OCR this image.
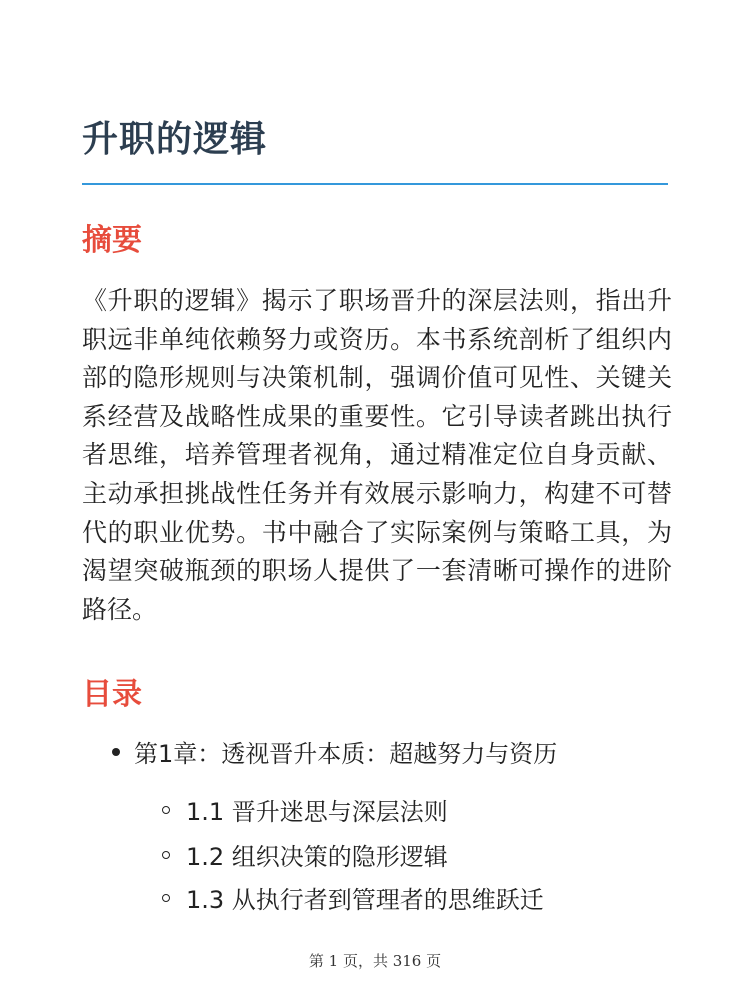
升职的逻辑
摘要

《升职的逻辑》揭示了职场晋升的深层法则，指出升职远非单纯依赖努力或资历。本书系统剖析了组织内部的隐形规则与决策机制，强调价值可见性、关键关系经营及战略性成果的重要性。它引导读者跳出执行者思维，培养管理者视角，通过精准定位自身贡献、主动承担挑战性任务并有效展示影响力，构建不可替代的职业优势。书中融合了实际案例与策略工具，为渴望突破瓶颈的职场人提供了一套清晰可操作的进阶路径。

目录
第1章：透视晋升本质：超越努力与资历
1.1 晋升迷思与深层法则
1.2 组织决策的隐形逻辑
1.3 从执行者到管理者的思维跃迁
第 1 页，共 316 页
